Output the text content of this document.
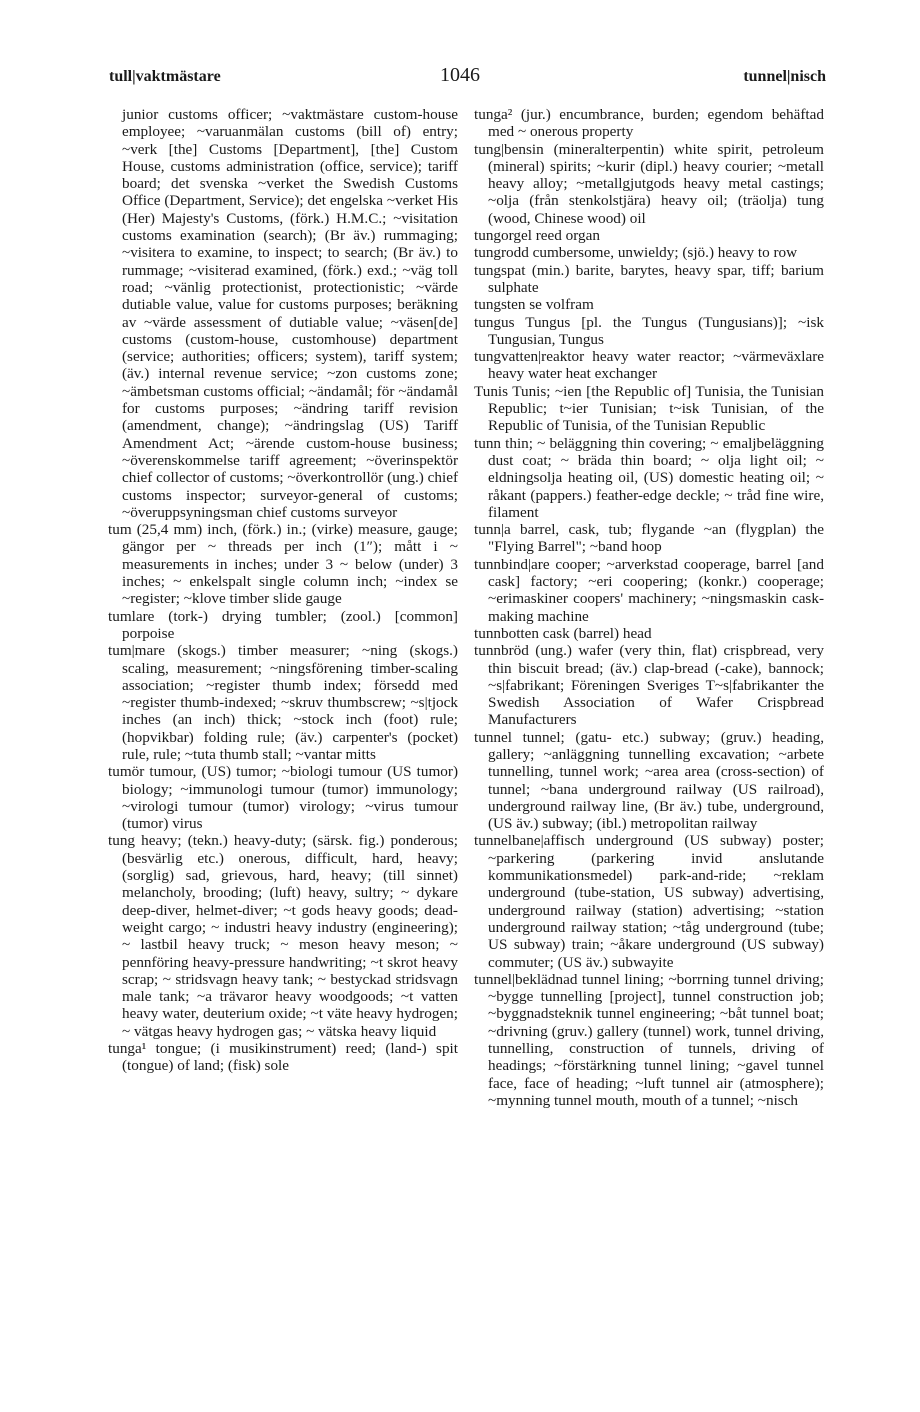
tull|vaktmästare	1046	tunnel|nisch

junior customs officer; ~vaktmästare custom-house employee; ~varuanmälan customs (bill of) entry; ~verk [the] Customs [Department], [the] Custom House, customs administration (office, service); tariff board; det svenska ~verket the Swedish Customs Office (Department, Service); det engelska ~verket His (Her) Majesty's Customs, (förk.) H.M.C.; ~visitation customs examination (search); (Br äv.) rummaging; ~visitera to examine, to inspect; to search; (Br äv.) to rummage; ~visiterad examined, (förk.) exd.; ~väg toll road; ~vänlig protectionist, protectionistic; ~värde dutiable value, value for customs purposes; beräkning av ~värde assessment of dutiable value; ~väsen[de] customs (custom-house, customhouse) department (service; authorities; officers; system), tariff system; (äv.) internal revenue service; ~zon customs zone; ~ämbetsman customs official; ~ändamål; för ~ändamål for customs purposes; ~ändring tariff revision (amendment, change); ~ändringslag (US) Tariff Amendment Act; ~ärende custom-house business; ~överenskommelse tariff agreement; ~överinspektör chief collector of customs; ~överkontrollör (ung.) chief customs inspector; surveyor-general of customs; ~överuppsyningsman chief customs surveyor

tum (25,4 mm) inch, (förk.) in.; (virke) measure, gauge; gängor per ~ threads per inch (1″); mått i ~ measurements in inches; under 3 ~ below (under) 3 inches; ~ enkelspalt single column inch; ~index se ~register; ~klove timber slide gauge

tumlare (tork-) drying tumbler; (zool.) [common] porpoise

tum|mare (skogs.) timber measurer; ~ning (skogs.) scaling, measurement; ~ningsförening timber-scaling association; ~register thumb index; försedd med ~register thumb-indexed; ~skruv thumbscrew; ~s|tjock inches (an inch) thick; ~stock inch (foot) rule; (hopvikbar) folding rule; (äv.) carpenter's (pocket) rule, rule; ~tuta thumb stall; ~vantar mitts

tumör tumour, (US) tumor; ~biologi tumour (US tumor) biology; ~immunologi tumour (tumor) immunology; ~virologi tumour (tumor) virology; ~virus tumour (tumor) virus

tung heavy; (tekn.) heavy-duty; (särsk. fig.) ponderous; (besvärlig etc.) onerous, difficult, hard, heavy; (sorglig) sad, grievous, hard, heavy; (till sinnet) melancholy, brooding; (luft) heavy, sultry; ~ dykare deep-diver, helmet-diver; ~t gods heavy goods; dead-weight cargo; ~ industri heavy industry (engineering); ~ lastbil heavy truck; ~ meson heavy meson; ~ pennföring heavy-pressure handwriting; ~t skrot heavy scrap; ~ stridsvagn heavy tank; ~ bestyckad stridsvagn male tank; ~a trävaror heavy woodgoods; ~t vatten heavy water, deuterium oxide; ~t väte heavy hydrogen; ~ vätgas heavy hydrogen gas; ~ vätska heavy liquid

tunga¹ tongue; (i musikinstrument) reed; (land-) spit (tongue) of land; (fisk) sole

tunga² (jur.) encumbrance, burden; egendom behäftad med ~ onerous property

tung|bensin (mineralterpentin) white spirit, petroleum (mineral) spirits; ~kurir (dipl.) heavy courier; ~metall heavy alloy; ~metallgjutgods heavy metal castings; ~olja (från stenkolstjära) heavy oil; (träolja) tung (wood, Chinese wood) oil

tungorgel reed organ

tungrodd cumbersome, unwieldy; (sjö.) heavy to row

tungspat (min.) barite, barytes, heavy spar, tiff; barium sulphate

tungsten se volfram

tungus Tungus [pl. the Tungus (Tungusians)]; ~isk Tungusian, Tungus

tungvatten|reaktor heavy water reactor; ~värmeväxlare heavy water heat exchanger

Tunis Tunis; ~ien [the Republic of] Tunisia, the Tunisian Republic; t~ier Tunisian; t~isk Tunisian, of the Republic of Tunisia, of the Tunisian Republic

tunn thin; ~ beläggning thin covering; ~ emaljbeläggning dust coat; ~ bräda thin board; ~ olja light oil; ~ eldningsolja heating oil, (US) domestic heating oil; ~ råkant (pappers.) feather-edge deckle; ~ tråd fine wire, filament

tunn|a barrel, cask, tub; flygande ~an (flygplan) the "Flying Barrel"; ~band hoop

tunnbind|are cooper; ~arverkstad cooperage, barrel [and cask] factory; ~eri coopering; (konkr.) cooperage; ~erimaskiner coopers' machinery; ~ningsmaskin cask-making machine

tunnbotten cask (barrel) head

tunnbröd (ung.) wafer (very thin, flat) crispbread, very thin biscuit bread; (äv.) clap-bread (-cake), bannock; ~s|fabrikant; Föreningen Sveriges T~s|fabrikanter the Swedish Association of Wafer Crispbread Manufacturers

tunnel tunnel; (gatu- etc.) subway; (gruv.) heading, gallery; ~anläggning tunnelling excavation; ~arbete tunnelling, tunnel work; ~area area (cross-section) of tunnel; ~bana underground railway (US railroad), underground railway line, (Br äv.) tube, underground, (US äv.) subway; (ibl.) metropolitan railway

tunnelbane|affisch underground (US subway) poster; ~parkering (parkering invid anslutande kommunikationsmedel) park-and-ride; ~reklam underground (tube-station, US subway) advertising, underground railway (station) advertising; ~station underground railway station; ~tåg underground (tube; US subway) train; ~åkare underground (US subway) commuter; (US äv.) subwayite

tunnel|beklädnad tunnel lining; ~borrning tunnel driving; ~bygge tunnelling [project], tunnel construction job; ~byggnadsteknik tunnel engineering; ~båt tunnel boat; ~drivning (gruv.) gallery (tunnel) work, tunnel driving, tunnelling, construction of tunnels, driving of headings; ~förstärkning tunnel lining; ~gavel tunnel face, face of heading; ~luft tunnel air (atmosphere); ~mynning tunnel mouth, mouth of a tunnel; ~nisch
